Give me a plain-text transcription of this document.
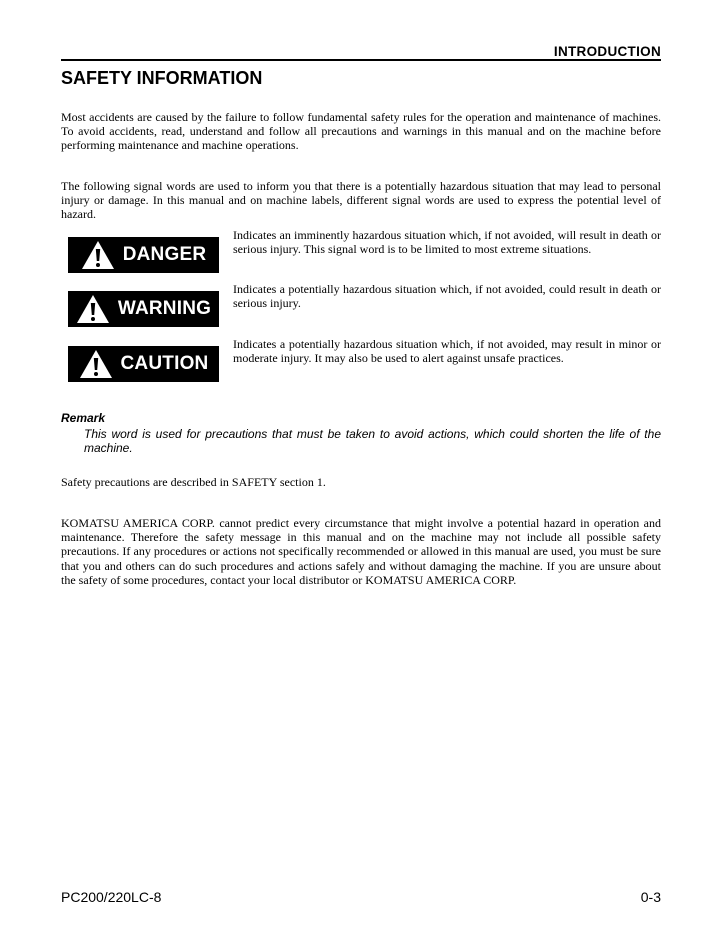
INTRODUCTION
SAFETY INFORMATION

Most accidents are caused by the failure to follow fundamental safety rules for the operation and maintenance of machines. To avoid accidents, read, understand and follow all precautions and warnings in this manual and on the machine before performing maintenance and machine operations.

The following signal words are used to inform you that there is a potentially hazardous situation that may lead to personal injury or damage. In this manual and on machine labels, different signal words are used to express the potential level of hazard.

DANGER

Indicates an imminently hazardous situation which, if not avoided, will result in death or serious injury. This signal word is to be limited to most extreme situations.

WARNING

Indicates a potentially hazardous situation which, if not avoided, could result in death or serious injury.

CAUTION

Indicates a potentially hazardous situation which, if not avoided, may result in minor or moderate injury. It may also be used to alert against unsafe practices.

Remark

This word is used for precautions that must be taken to avoid actions, which could shorten the life of the machine.

Safety precautions are described in SAFETY section 1.

KOMATSU AMERICA CORP. cannot predict every circumstance that might involve a potential hazard in operation and maintenance. Therefore the safety message in this manual and on the machine may not include all possible safety precautions. If any procedures or actions not specifically recommended or allowed in this manual are used, you must be sure that you and others can do such procedures and actions safely and without damaging the machine. If you are unsure about the safety of some procedures, contact your local distributor or KOMATSU AMERICA CORP.

PC200/220LC-8	0-3
